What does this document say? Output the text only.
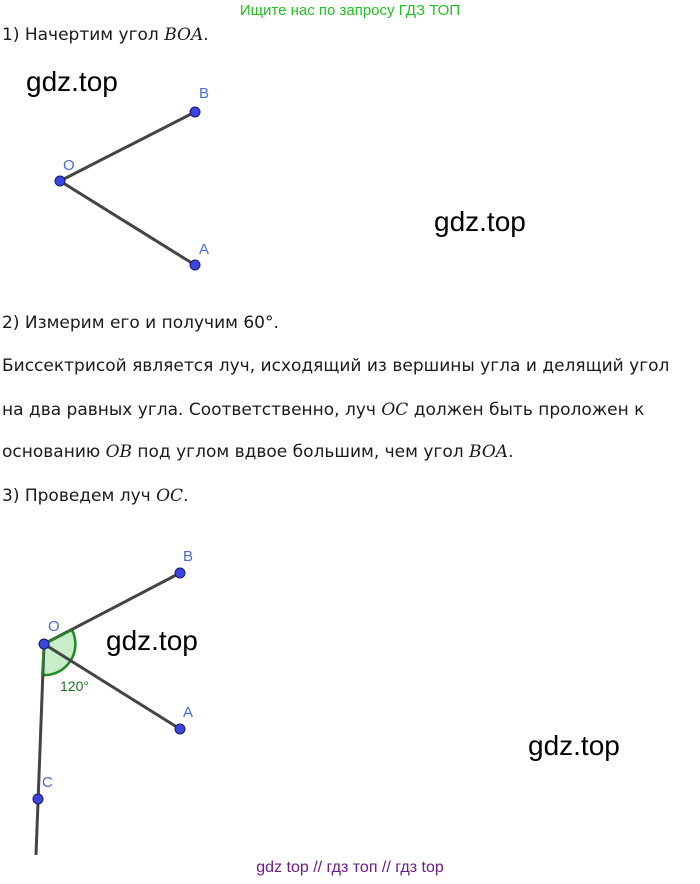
Ищите нас по запросу ГДЗ ТОП
1) Начертим угол BOA.
gdz.top
gdz.top
O
B
A
O
B
A
C
120°
2) Измерим его и получим 60°.
Биссектрисой является луч, исходящий из вершины угла и делящий угол
на два равных угла. Соответственно, луч OC должен быть проложен к
основанию OB под углом вдвое большим, чем угол BOA.
3) Проведем луч OC.
gdz.top
gdz.top
gdz top // гдз топ // гдз top
